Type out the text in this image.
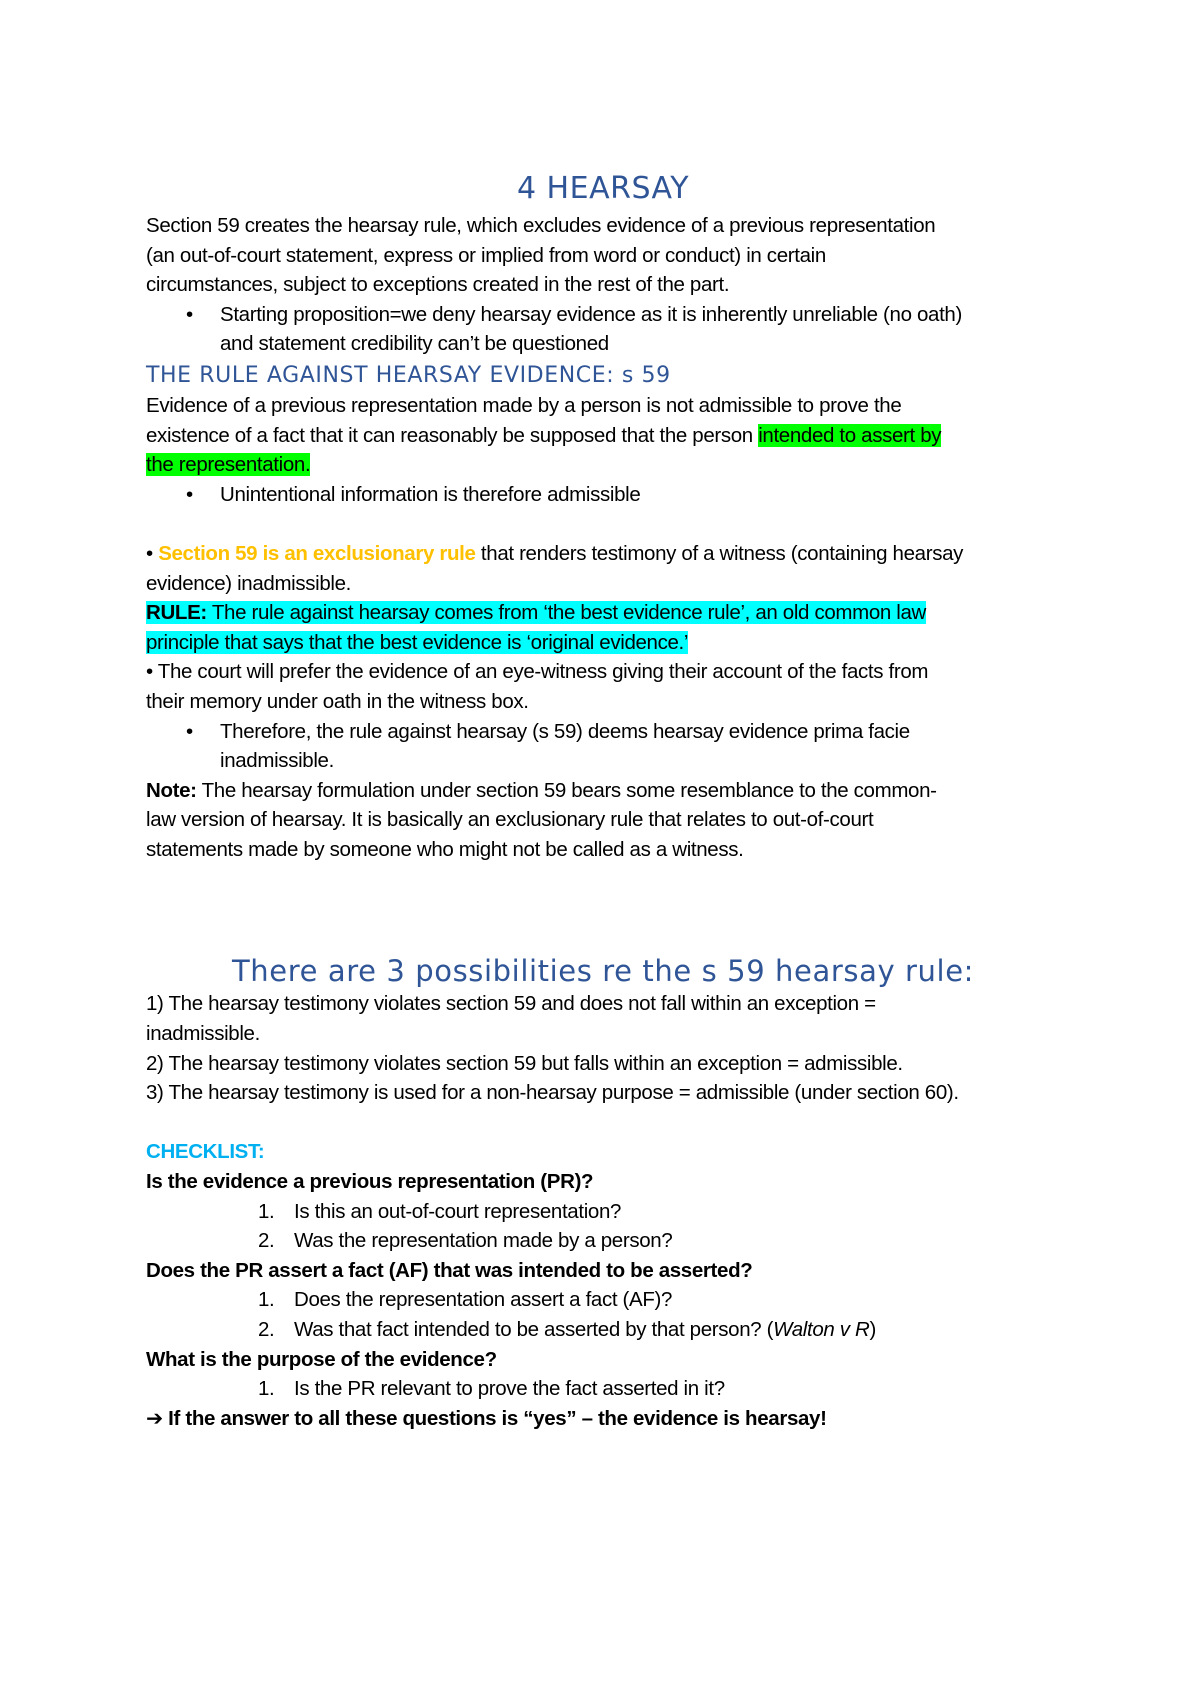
4 HEARSAY

Section 59 creates the hearsay rule, which excludes evidence of a previous representation
(an out-of-court statement, express or implied from word or conduct) in certain
circumstances, subject to exceptions created in the rest of the part.

• Starting proposition=we deny hearsay evidence as it is inherently unreliable (no oath)
and statement credibility can’t be questioned

THE RULE AGAINST HEARSAY EVIDENCE: s 59

Evidence of a previous representation made by a person is not admissible to prove the
existence of a fact that it can reasonably be supposed that the person intended to assert by
the representation.

• Unintentional information is therefore admissible

• Section 59 is an exclusionary rule that renders testimony of a witness (containing hearsay
evidence) inadmissible.
RULE: The rule against hearsay comes from ‘the best evidence rule’, an old common law
principle that says that the best evidence is ‘original evidence.’
• The court will prefer the evidence of an eye-witness giving their account of the facts from
their memory under oath in the witness box.

• Therefore, the rule against hearsay (s 59) deems hearsay evidence prima facie
inadmissible.

Note: The hearsay formulation under section 59 bears some resemblance to the common-
law version of hearsay. It is basically an exclusionary rule that relates to out-of-court
statements made by someone who might not be called as a witness.

There are 3 possibilities re the s 59 hearsay rule:

1) The hearsay testimony violates section 59 and does not fall within an exception =
inadmissible.
2) The hearsay testimony violates section 59 but falls within an exception = admissible.
3) The hearsay testimony is used for a non-hearsay purpose = admissible (under section 60).

CHECKLIST:

Is the evidence a previous representation (PR)?

1. Is this an out-of-court representation?

2. Was the representation made by a person?

Does the PR assert a fact (AF) that was intended to be asserted?

1. Does the representation assert a fact (AF)?

2. Was that fact intended to be asserted by that person? (Walton v R)

What is the purpose of the evidence?

1. Is the PR relevant to prove the fact asserted in it?

➔ If the answer to all these questions is “yes” – the evidence is hearsay!
